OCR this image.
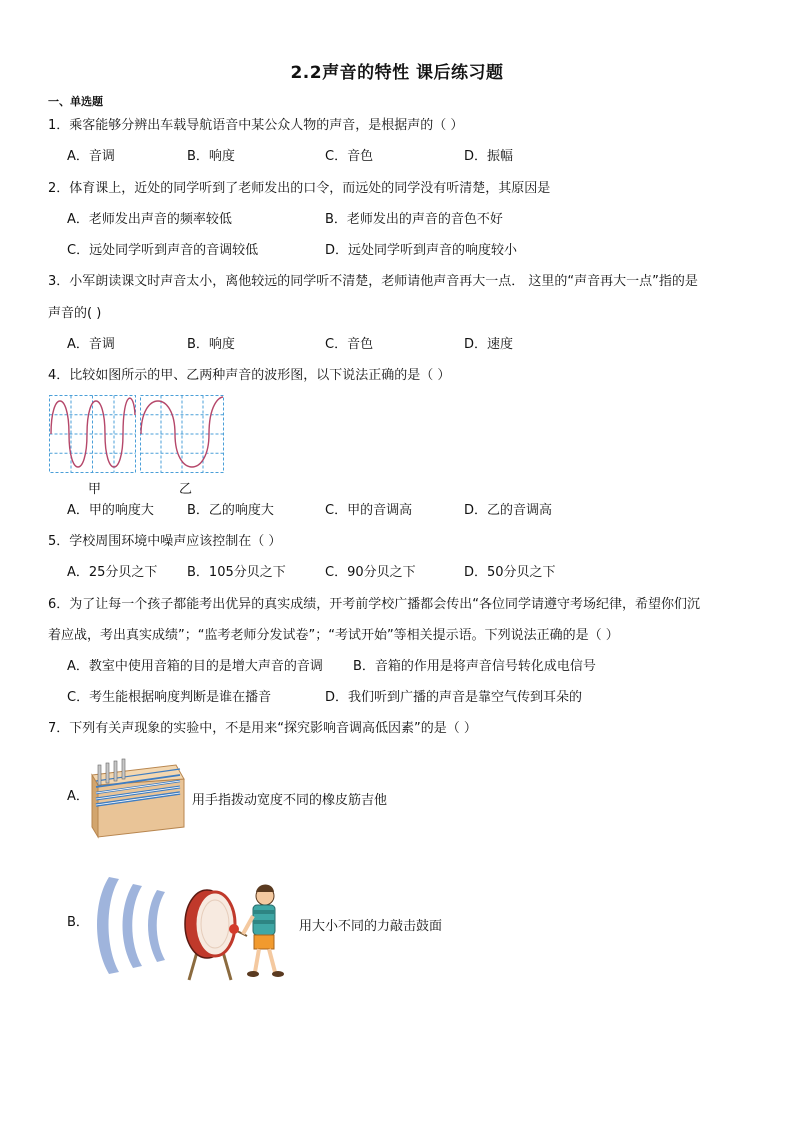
2.2声音的特性 课后练习题
一、单选题
1．乘客能够分辨出车载导航语音中某公众人物的声音，是根据声的（ ）
A．音调	B．响度	C．音色	D．振幅
2．体育课上，近处的同学听到了老师发出的口令，而远处的同学没有听清楚，其原因是
A．老师发出声音的频率较低	B．老师发出的声音的音色不好
C．远处同学听到声音的音调较低	D．远处同学听到声音的响度较小
3．小军朗读课文时声音太小，离他较远的同学听不清楚，老师请他声音再大一点． 这里的“声音再大一点”指的是
声音的( )
A．音调	B．响度	C．音色	D．速度
4．比较如图所示的甲、乙两种声音的波形图，以下说法正确的是（ ）
甲	乙
A．甲的响度大	B．乙的响度大	C．甲的音调高	D．乙的音调高
5．学校周围环境中噪声应该控制在（ ）
A．25分贝之下 B．105分贝之下	C．90分贝之下	D．50分贝之下
6．为了让每一个孩子都能考出优异的真实成绩，开考前学校广播都会传出“各位同学请遵守考场纪律，希望你们沉
着应战，考出真实成绩”；“监考老师分发试卷”；“考试开始”等相关提示语。下列说法正确的是（ ）
A．教室中使用音箱的目的是增大声音的音调 B．音箱的作用是将声音信号转化成电信号
C．考生能根据响度判断是谁在播音	D．我们听到广播的声音是靠空气传到耳朵的
7．下列有关声现象的实验中，不是用来“探究影响音调高低因素”的是（ ）
A．	用手指拨动宽度不同的橡皮筋吉他
B．	用大小不同的力敲击鼓面
